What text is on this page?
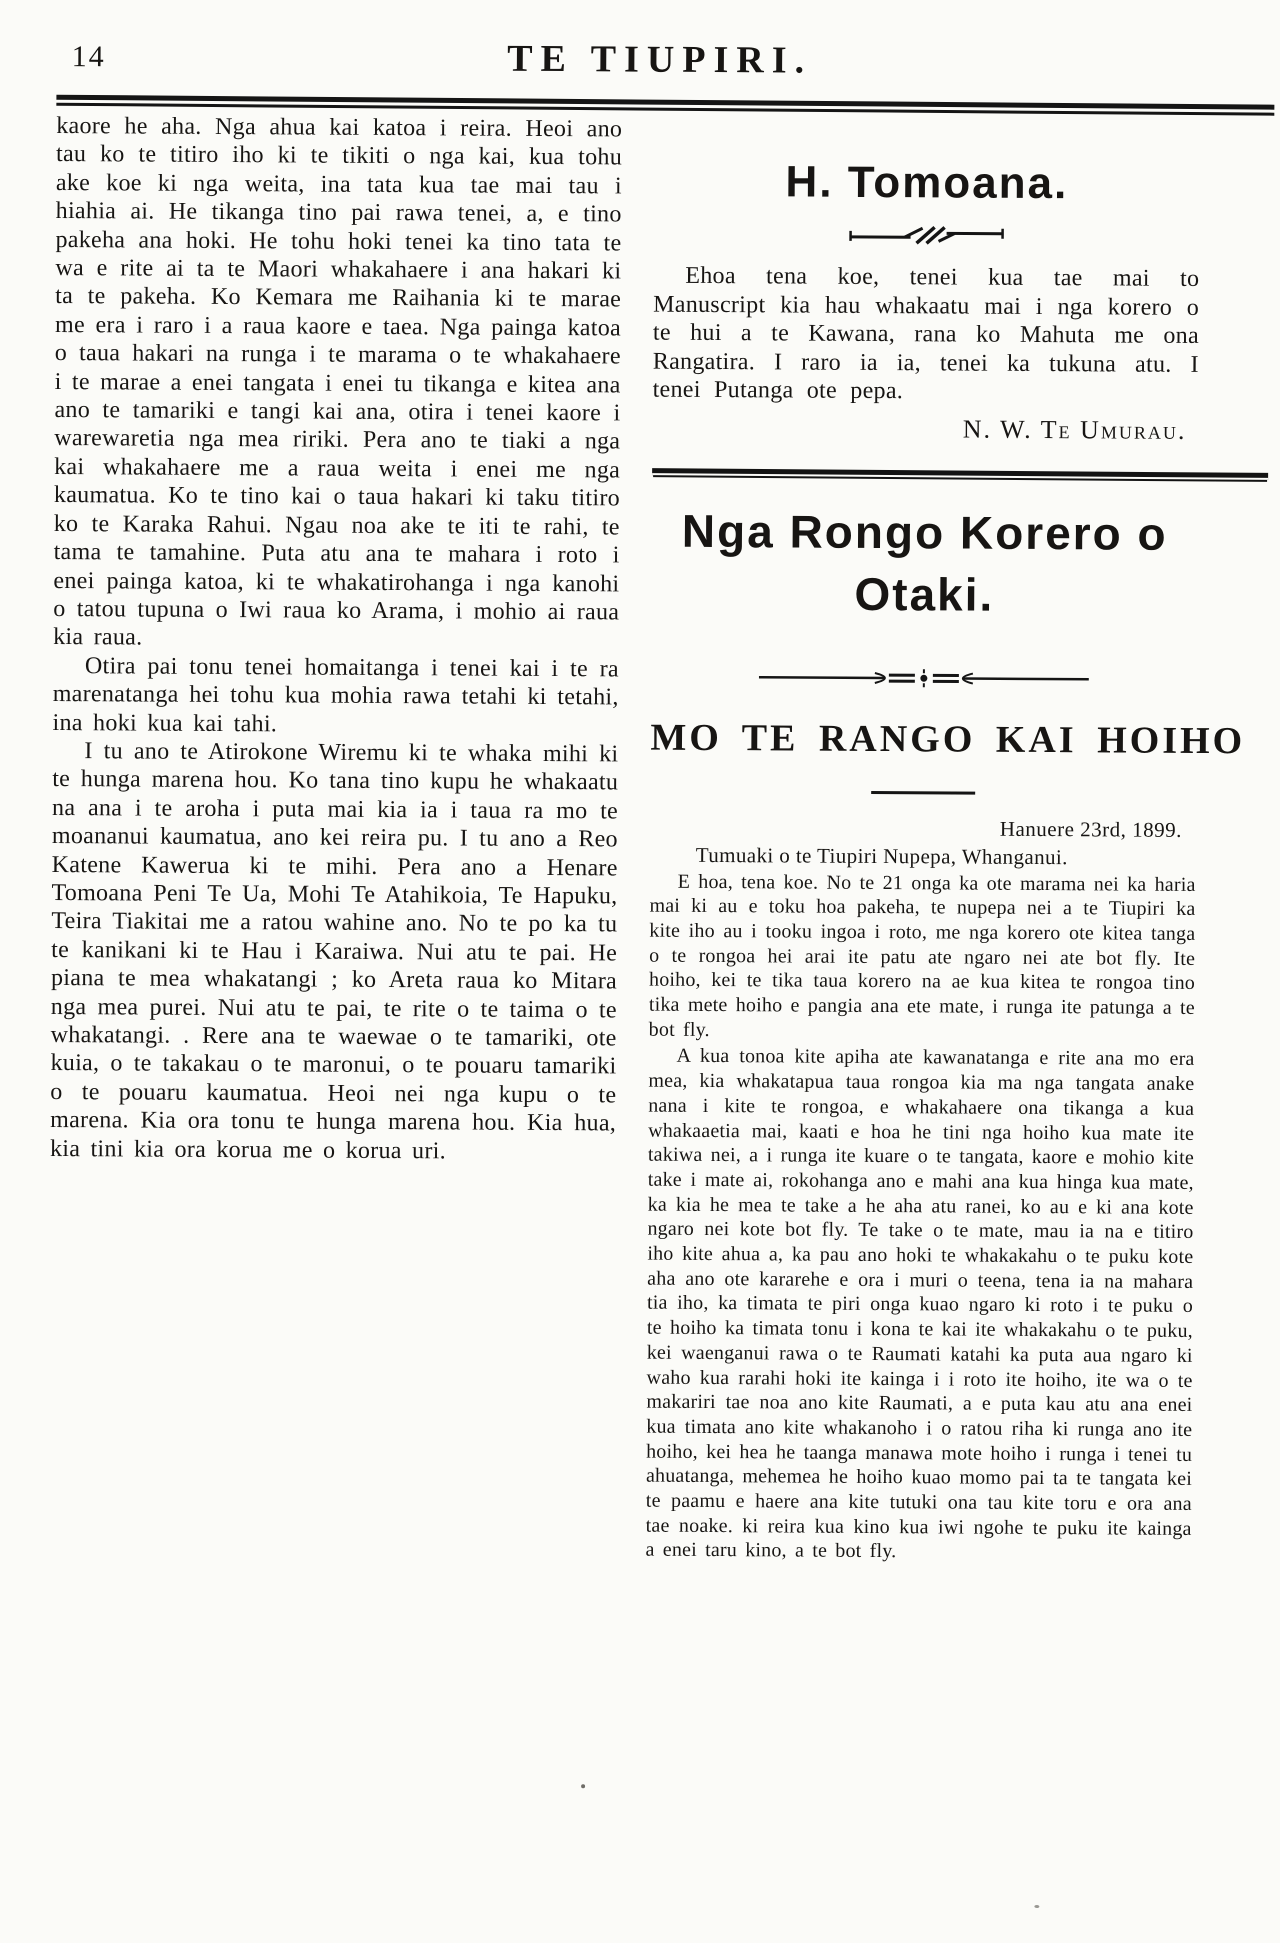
14	TE TIUPIRI.

kaore he aha. Nga ahua kai katoa i reira. Heoi ano tau ko te titiro iho ki te tikiti o nga kai, kua tohu ake koe ki nga weita, ina tata kua tae mai tau i hiahia ai. He tikanga tino pai rawa tenei, a, e tino pakeha ana hoki. He tohu hoki tenei ka tino tata te wa e rite ai ta te Maori whakahaere i ana hakari ki ta te pakeha. Ko Kemara me Raihania ki te marae me era i raro i a raua kaore e taea. Nga painga katoa o taua hakari na runga i te marama o te whakahaere i te marae a enei tangata i enei tu tikanga e kitea ana ano te tamariki e tangi kai ana, otira i tenei kaore i warewaretia nga mea ririki. Pera ano te tiaki a nga kai whakahaere me a raua weita i enei me nga kaumatua. Ko te tino kai o taua hakari ki taku titiro ko te Karaka Rahui. Ngau noa ake te iti te rahi, te tama te tamahine. Puta atu ana te mahara i roto i enei painga katoa, ki te whakatirohanga i nga kanohi o tatou tupuna o Iwi raua ko Arama, i mohio ai raua kia raua.

Otira pai tonu tenei homaitanga i tenei kai i te ra marenatanga hei tohu kua mohia rawa tetahi ki tetahi, ina hoki kua kai tahi.

I tu ano te Atirokone Wiremu ki te whaka mihi ki te hunga marena hou. Ko tana tino kupu he whakaatu na ana i te aroha i puta mai kia ia i taua ra mo te moananui kaumatua, ano kei reira pu. I tu ano a Reo Katene Kawerua ki te mihi. Pera ano a Henare Tomoana Peni Te Ua, Mohi Te Atahikoia, Te Hapuku, Teira Tiakitai me a ratou wahine ano. No te po ka tu te kanikani ki te Hau i Karaiwa. Nui atu te pai. He piana te mea whakatangi ; ko Areta raua ko Mitara nga mea purei. Nui atu te pai, te rite o te taima o te whakatangi. . Rere ana te waewae o te tamariki, ote kuia, o te takakau o te maronui, o te pouaru tamariki o te pouaru kaumatua. Heoi nei nga kupu o te marena. Kia ora tonu te hunga marena hou. Kia hua, kia tini kia ora korua me o korua uri.

H. Tomoana.

Ehoa tena koe, tenei kua tae mai to Manuscript kia hau whakaatu mai i nga korero o te hui a te Kawana, rana ko Mahuta me ona Rangatira. I raro ia ia, tenei ka tukuna atu. I tenei Putanga ote pepa.

N. W. Te Umurau.
Nga Rongo Korero o
Otaki.
MO TE RANGO KAI HOIHO
Hanuere 23rd, 1899.
Tumuaki o te Tiupiri Nupepa, Whanganui.

E hoa, tena koe. No te 21 onga ka ote marama nei ka haria mai ki au e toku hoa pakeha, te nupepa nei a te Tiupiri ka kite iho au i tooku ingoa i roto, me nga korero ote kitea tanga o te rongoa hei arai ite patu ate ngaro nei ate bot fly. Ite hoiho, kei te tika taua korero na ae kua kitea te rongoa tino tika mete hoiho e pangia ana ete mate, i runga ite patunga a te bot fly.

A kua tonoa kite apiha ate kawanatanga e rite ana mo era mea, kia whakatapua taua rongoa kia ma nga tangata anake nana i kite te rongoa, e whakahaere ona tikanga a kua whakaaetia mai, kaati e hoa he tini nga hoiho kua mate ite takiwa nei, a i runga ite kuare o te tangata, kaore e mohio kite take i mate ai, rokohanga ano e mahi ana kua hinga kua mate, ka kia he mea te take a he aha atu ranei, ko au e ki ana kote ngaro nei kote bot fly. Te take o te mate, mau ia na e titiro iho kite ahua a, ka pau ano hoki te whakakahu o te puku kote aha ano ote kararehe e ora i muri o teena, tena ia na mahara tia iho, ka timata te piri onga kuao ngaro ki roto i te puku o te hoiho ka timata tonu i kona te kai ite whakakahu o te puku, kei waenganui rawa o te Raumati katahi ka puta aua ngaro ki waho kua rarahi hoki ite kainga i i roto ite hoiho, ite wa o te makariri tae noa ano kite Raumati, a e puta kau atu ana enei kua timata ano kite whakanoho i o ratou riha ki runga ano ite hoiho, kei hea he taanga manawa mote hoiho i runga i tenei tu ahuatanga, mehemea he hoiho kuao momo pai ta te tangata kei te paamu e haere ana kite tutuki ona tau kite toru e ora ana tae noake. ki reira kua kino kua iwi ngohe te puku ite kainga a enei taru kino, a te bot fly.
